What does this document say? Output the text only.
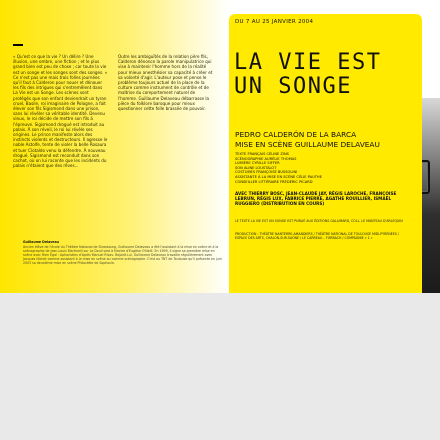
« Qu'est ce que la vie ? Un délire ? Une illusion, une ombre, une fiction ; et le plus grand bien est peu de chose ; car toute la vie est un songe et les songes sont des songes. » Ce n'est pas une mais trois folles journées qu'il faut à Calderon pour nouer et dénouer les fils des intrigues qui s'entremêlent dans La Vie est un Songe. Les scènes sont protégés que son enfant deviendrait un tyran cruel, Basile, roi imaginaire de Pologne, a fait élever son fils Sigismond dans une prison, sans lui révéler sa véritable identité. Devenu vieux, le roi décide de mettre son fils à l'épreuve. Sigismond drogué est introduit au palais. À son réveil, le roi lui révèle ses origines. Le prince manifeste alors des instincts violents et destructeurs. Il agresse le noble Astolfe, tente de violer la belle Rosaura et tuer Clotaldo venu la défendre. À nouveau drogué, Sigismond est reconduit dans son cachot, où on lui raconte que les incidents du palais n'étaient que des rêves...
Outre les ambiguïtés de la relation père fils, Calderon dénonce la parole manipulatrice qui vise à maintenir l'homme hors de la réalité pour mieux anesthésier sa capacité à créer et sa volonté d'agir. L'auteur pose et pense le problème toujours actuel de la place de la culture comme instrument de contrôle et de maîtrise du comportement naturel de l'homme. Guillaume Delaveau débarrasse la pièce du folklore baroque pour mieux questionner cette folle brassée de pouvoir.
Guillaume Delaveau
Ancien élève de l'école du Théâtre National de Strasbourg, Guillaume Delaveau a été l'assistant à la mise en scène et à la scénographie de Jean-Louis Martinelli sur Le Deuil sied à Electre d'Eugène O'Neill. En 1999, il signe sa première mise en scène avec Rien Égal : Aphoristies d'Après Manuel Rivas. Rajoiré-Lui, Guillaume Delaveau travaille régulièrement avec Jacques Nichet comme assistant à la mise en scène ou comme scénographe. C'est au TNT de Toulouse qu'il présente en juin 2003 sa deuxième mise en scène Philoctète de Sophocle.
DU 7 AU 25 JANVIER 2004
LA VIE EST
UN SONGE
PEDRO CALDERÓN DE LA BARCA
MISE EN SCÈNE GUILLAUME DELAVEAU
TEXTE FRANÇAIS CÉLINE ZINS
SCÉNOGRAPHIE AURÉLIE THOMAS
LUMIÈRE CYRILLE SIFFER
SON ALINE LOUSTALOT
COSTUMES FRANÇOISE BUSSOLINI
ASSISTANTE À LA MISE EN SCÈNE CÉLIE PAUTHE
CONSEILLER LITTÉRAIRE FRÉDÉRIC PICARD
AVEC THIERRY BOSC, JEAN-CLAUDE JAY, RÉGIS LAROCHE, FRANÇOISE LEBRUN, RÉGIS LUX, FABRICE PIERRE, AGATHE ROUILLIER, ISMAËL RUGGIERO (DISTRIBUTION EN COURS)
LE TEXTE LA VIE EST UN SONGE EST PUBLIÉ AUX ÉDITIONS GALLIMARD, COLL. LE MANTEAU D'ARLEQUIN
PRODUCTION : THÉÂTRE NANTERRE-AMANDIERS / THÉÂTRE NATIONAL DE TOULOUSE MIDI-PYRÉNÉES / ESPACE DES ARTS, CHALON-SUR-SAÔNE / LE CARREAU – FORBACH / COMPAGNIE « 1 »
